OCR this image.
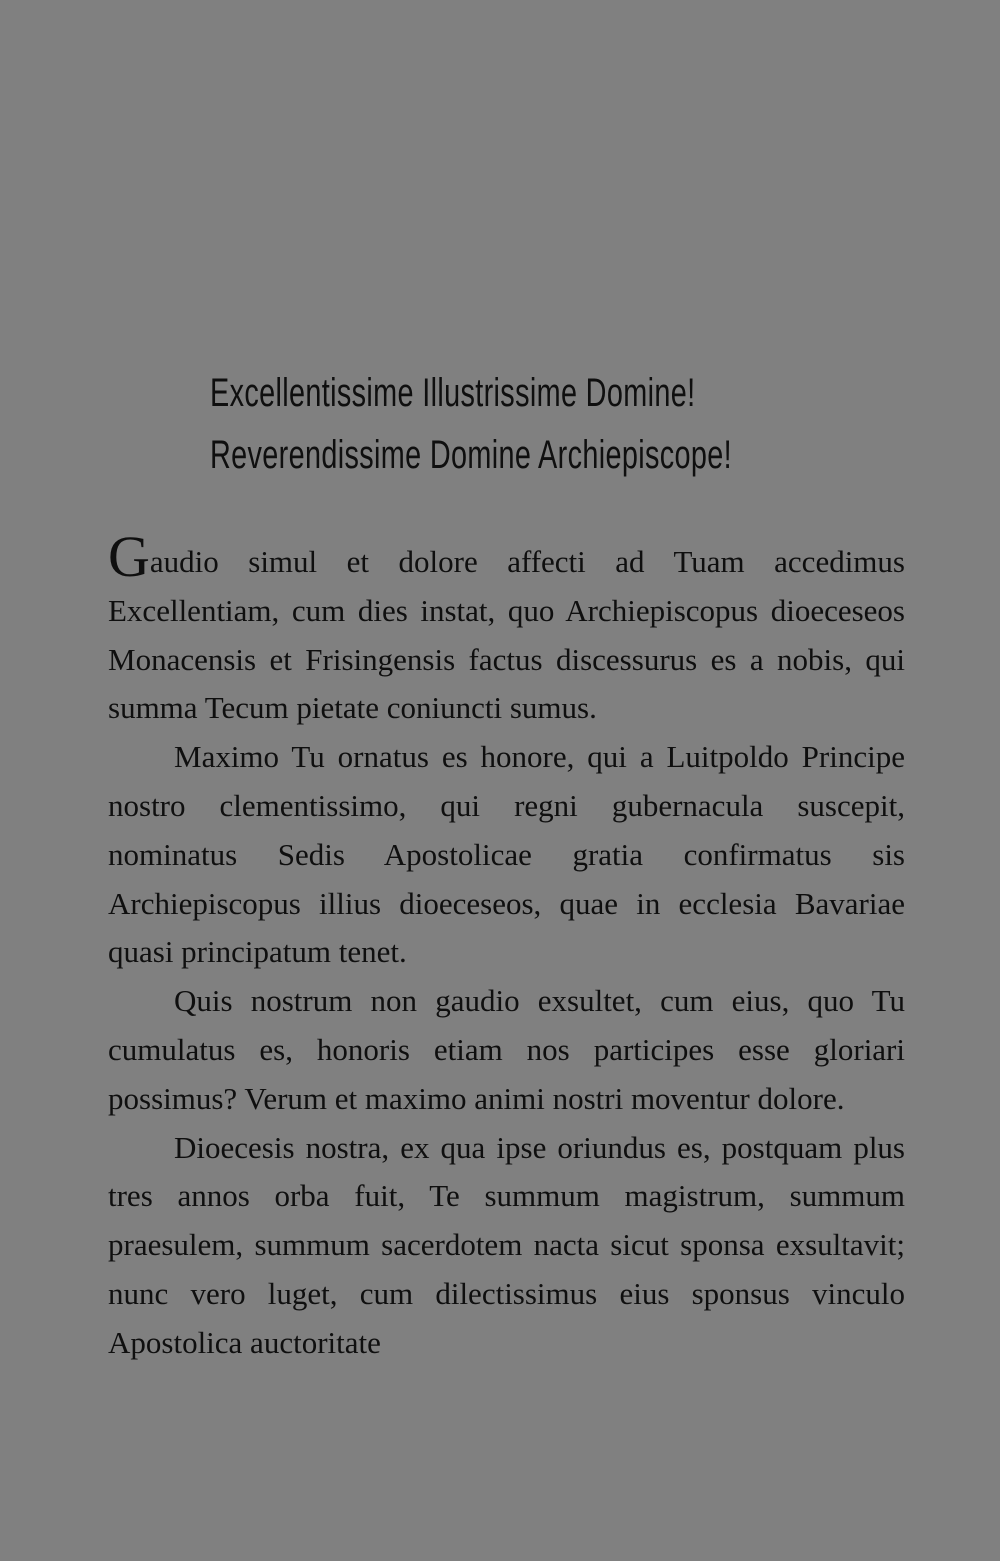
Excellentissime Illustrissime Domine!
Reverendissime Domine Archiepiscope!

Gaudio simul et dolore affecti ad Tuam accedimus Excellentiam, cum dies instat, quo Archiepiscopus dioeceseos Monacensis et Frisingensis factus discessurus es a nobis, qui summa Tecum pietate coniuncti sumus.

Maximo Tu ornatus es honore, qui a Luitpoldo Principe nostro clementissimo, qui regni gubernacula suscepit, nominatus Sedis Apostolicae gratia confirmatus sis Archiepiscopus illius dioeceseos, quae in ecclesia Bavariae quasi principatum tenet.

Quis nostrum non gaudio exsultet, cum eius, quo Tu cumulatus es, honoris etiam nos participes esse gloriari possimus? Verum et maximo animi nostri moventur dolore.

Dioecesis nostra, ex qua ipse oriundus es, postquam plus tres annos orba fuit, Te summum magistrum, summum praesulem, summum sacerdotem nacta sicut sponsa exsultavit; nunc vero luget, cum dilectissimus eius sponsus vinculo Apostolica auctoritate
